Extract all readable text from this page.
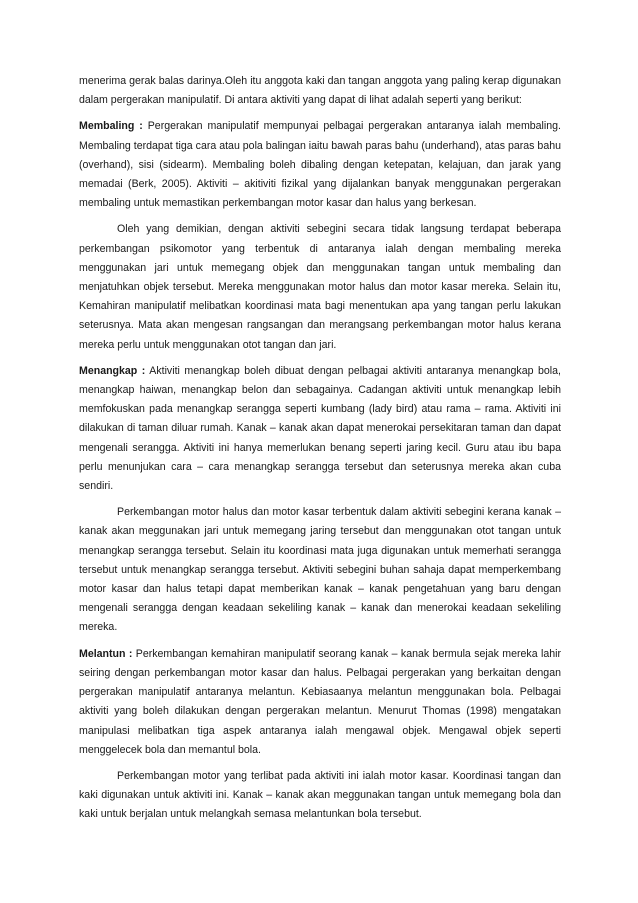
menerima gerak balas darinya.Oleh itu anggota kaki dan tangan anggota yang paling kerap digunakan dalam pergerakan manipulatif. Di antara aktiviti yang dapat di lihat adalah seperti yang berikut:

Membaling : Pergerakan manipulatif mempunyai pelbagai pergerakan antaranya ialah membaling. Membaling terdapat tiga cara atau pola balingan iaitu bawah paras bahu (underhand), atas paras bahu (overhand), sisi (sidearm). Membaling boleh dibaling dengan ketepatan, kelajuan, dan jarak yang memadai (Berk, 2005). Aktiviti – akitiviti fizikal yang dijalankan banyak menggunakan pergerakan membaling untuk memastikan perkembangan motor kasar dan halus yang berkesan.

Oleh yang demikian, dengan aktiviti sebegini secara tidak langsung terdapat beberapa perkembangan psikomotor yang terbentuk di antaranya ialah dengan membaling mereka menggunakan jari untuk memegang objek dan menggunakan tangan untuk membaling dan menjatuhkan objek tersebut. Mereka menggunakan motor halus dan motor kasar mereka. Selain itu, Kemahiran manipulatif melibatkan koordinasi mata bagi menentukan apa yang tangan perlu lakukan seterusnya. Mata akan mengesan rangsangan dan merangsang perkembangan motor halus kerana mereka perlu untuk menggunakan otot tangan dan jari.

Menangkap : Aktiviti menangkap boleh dibuat dengan pelbagai aktiviti antaranya menangkap bola, menangkap haiwan, menangkap belon dan sebagainya. Cadangan aktiviti untuk menangkap lebih memfokuskan pada menangkap serangga seperti kumbang (lady bird) atau rama – rama. Aktiviti ini dilakukan di taman diluar rumah. Kanak – kanak akan dapat menerokai persekitaran taman dan dapat mengenali serangga. Aktiviti ini hanya memerlukan benang seperti jaring kecil. Guru atau ibu bapa perlu menunjukan cara – cara menangkap serangga tersebut dan seterusnya mereka akan cuba sendiri.

Perkembangan motor halus dan motor kasar terbentuk dalam aktiviti sebegini kerana kanak – kanak akan meggunakan jari untuk memegang jaring tersebut dan menggunakan otot tangan untuk menangkap serangga tersebut. Selain itu koordinasi mata juga digunakan untuk memerhati serangga tersebut untuk menangkap serangga tersebut. Aktiviti sebegini buhan sahaja dapat memperkembang motor kasar dan halus tetapi dapat memberikan kanak – kanak pengetahuan yang baru dengan mengenali serangga dengan keadaan sekeliling kanak – kanak dan menerokai keadaan sekeliling mereka.

Melantun : Perkembangan kemahiran manipulatif seorang kanak – kanak bermula sejak mereka lahir seiring dengan perkembangan motor kasar dan halus. Pelbagai pergerakan yang berkaitan dengan pergerakan manipulatif antaranya melantun. Kebiasaanya melantun menggunakan bola. Pelbagai aktiviti yang boleh dilakukan dengan pergerakan melantun. Menurut Thomas (1998) mengatakan manipulasi melibatkan tiga aspek antaranya ialah mengawal objek. Mengawal objek seperti menggelecek bola dan memantul bola.

Perkembangan motor yang terlibat pada aktiviti ini ialah motor kasar. Koordinasi tangan dan kaki digunakan untuk aktiviti ini. Kanak – kanak akan meggunakan tangan untuk memegang bola dan kaki untuk berjalan untuk melangkah semasa melantunkan bola tersebut.
